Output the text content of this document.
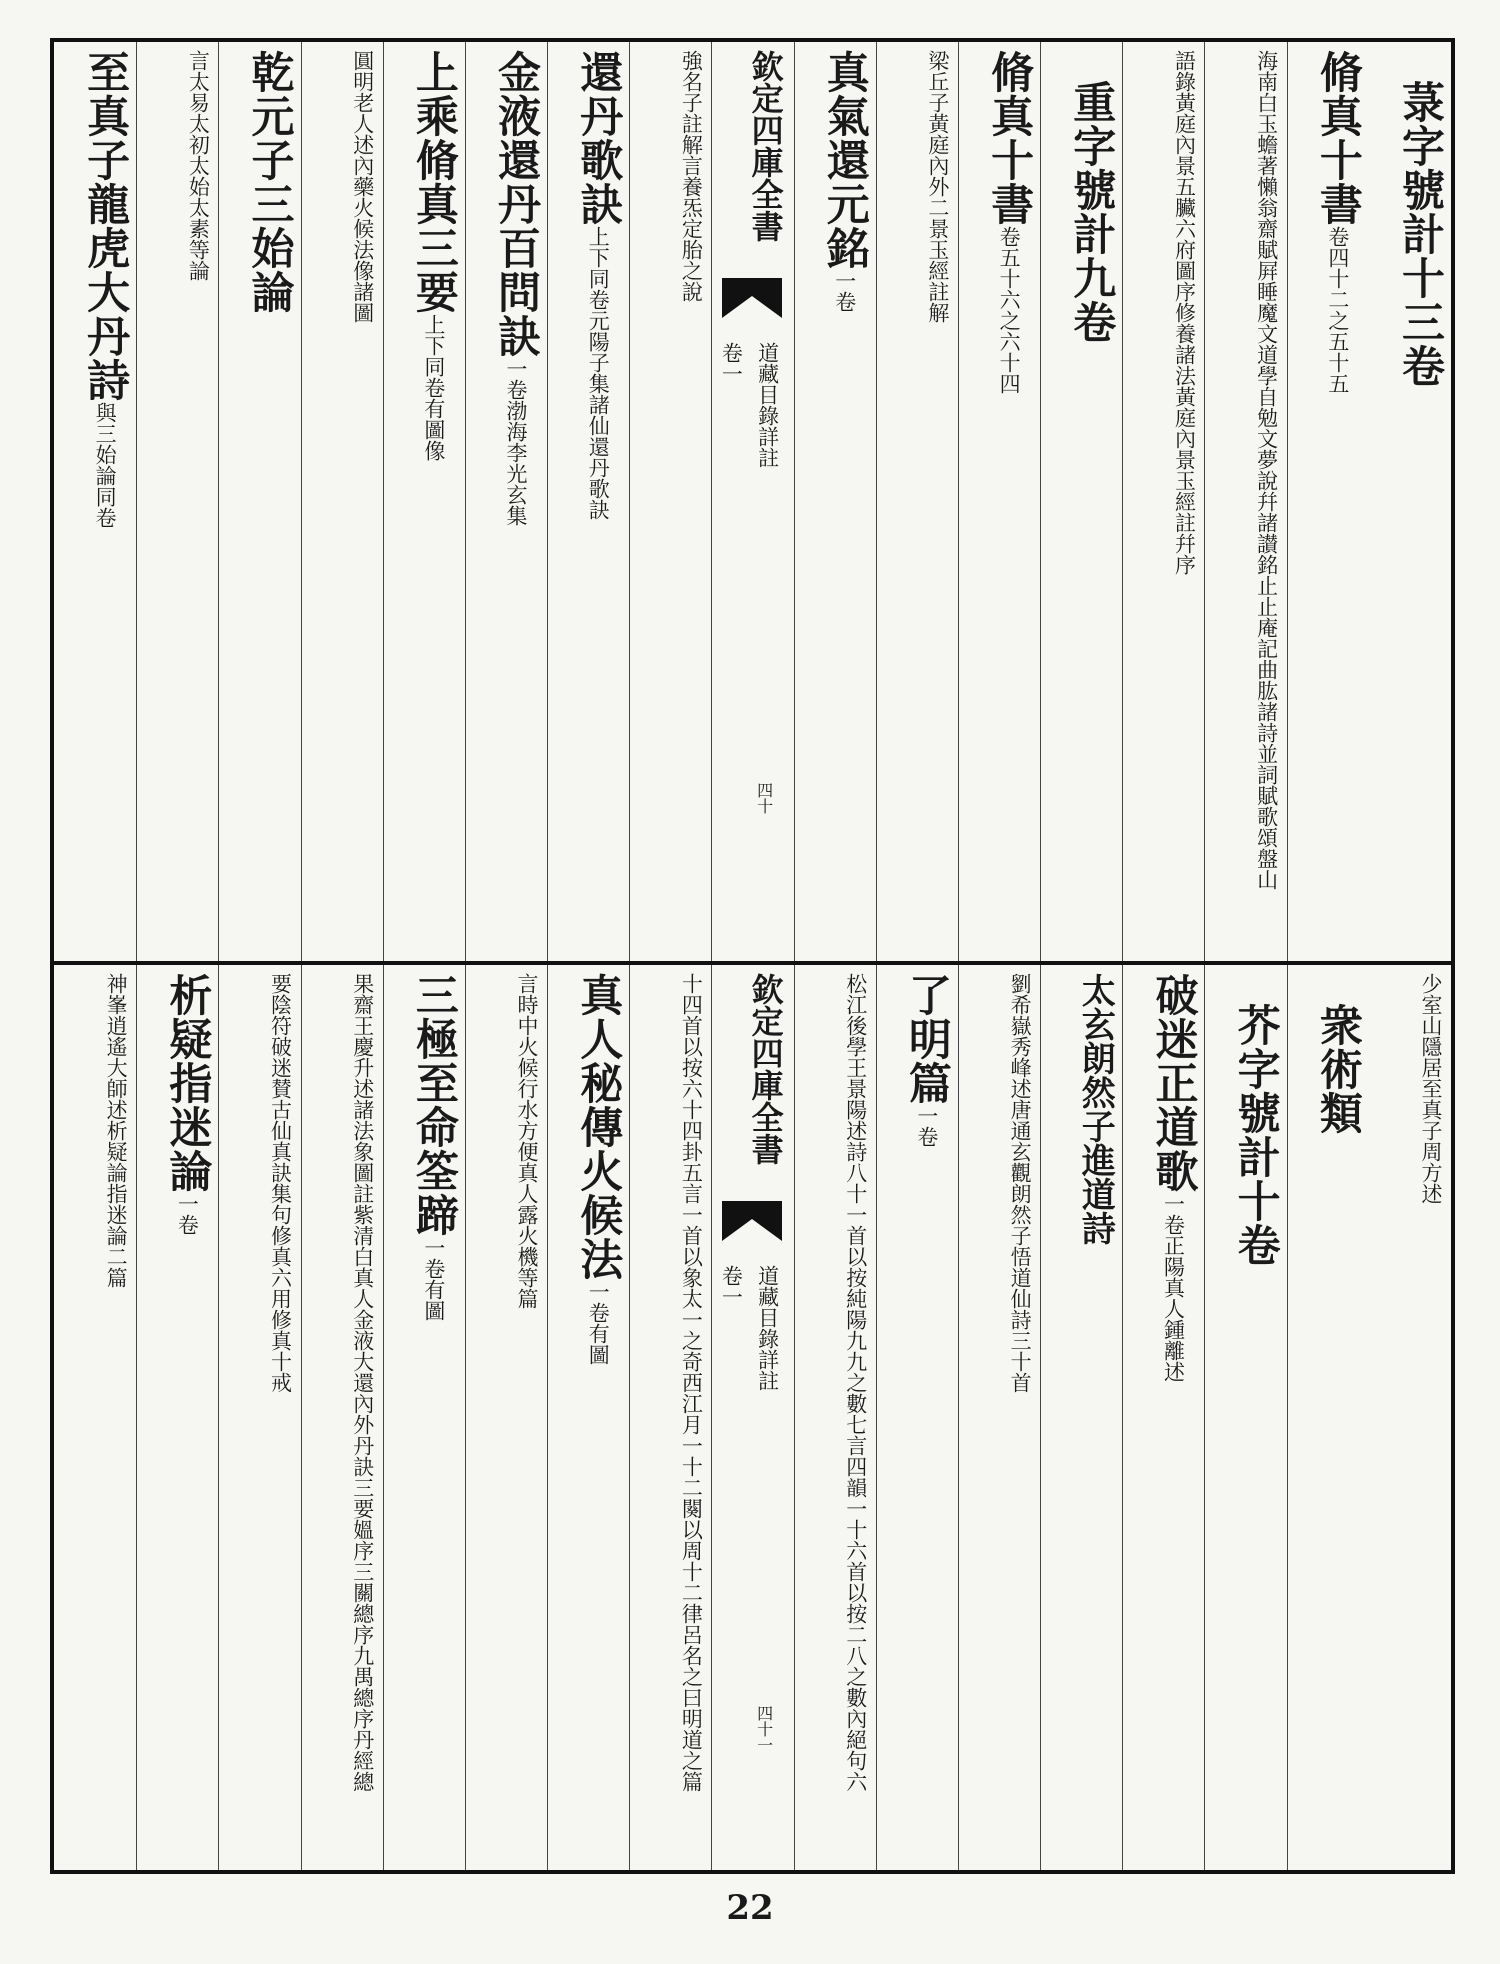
菉字號計十三卷
脩真十書卷四十二之五十五
海南白玉蟾著懶翁齋賦屛睡魔文道學自勉文夢說幷諸讃銘止止庵記曲肱諸詩並詞賦歌頌盤山
語錄黃庭內景五臟六府圖序修養諸法黃庭內景玉經註幷序
重字號計九卷
脩真十書卷五十六之六十四
梁丘子黃庭內外二景玉經註解
真氣還元銘一卷
欽定四庫全書
道藏目錄詳註
卷一
四十
強名子註解言養炁定胎之說
還丹歌訣上下同卷元陽子集諸仙還丹歌訣
金液還丹百問訣一卷渤海李光玄集
上乘脩真三要上下同卷有圖像
圓明老人述內藥火候法像諸圖
乾元子三始論
言太易太初太始太素等論
至真子龍虎大丹詩與三始論同卷
少室山隱居至真子周方述
衆術類
芥字號計十卷
破迷正道歌一卷正陽真人鍾離述
太玄朗然子進道詩
劉希嶽秀峰述唐通玄觀朗然子悟道仙詩三十首
了明篇一卷
松江後學王景陽述詩八十一首以按純陽九九之數七言四韻一十六首以按二八之數內絕句六
欽定四庫全書
道藏目錄詳註
卷一
四十一
十四首以按六十四卦五言一首以象太一之奇西江月一十二闋以周十二律呂名之曰明道之篇
真人秘傳火候法一卷有圖
言時中火候行水方便真人露火機等篇
三極至命筌蹄一卷有圖
果齋王慶升述諸法象圖註紫清白真人金液大還內外丹訣三要媼序三關總序九禺總序丹經總
要陰符破迷賛古仙真訣集句修真六用修真十戒
析疑指迷論一卷
神峯逍遙大師述析疑論指迷論二篇
22
